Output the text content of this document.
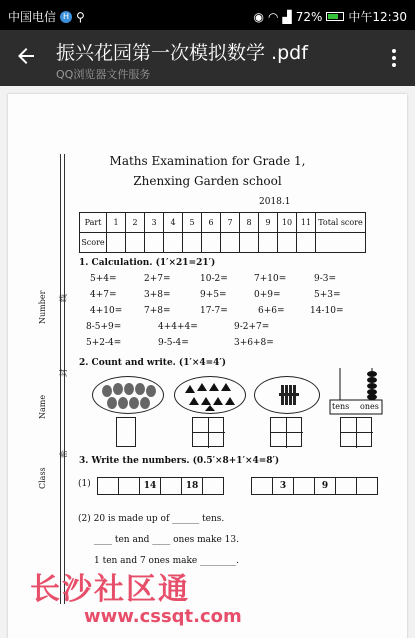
中国电信 H ⚲	◉ ◠ ▟ 72% 中午12:30
振兴花园第一次模拟数学 .pdf
QQ浏览器文件服务
Number 线
Name
封
Class
密
Maths Examination for Grade 1,
Zhenxing Garden school
2018.1
Part	1	2	3	4	5	6	7	8	9	10	11	Total score
Score												
1. Calculation. (1′×21=21′)
5+4=	2+7=	10-2=	7+10=	9-3=
4+7=	3+8=	9+5=	0+9=	5+3=
4+10= 7+8=	17-7=	6+6=	14-10=
8-5+9=	4+4+4=	9-2+7=
5+2-4=	9-5-4=	3+6+8=
2. Count and write. (1′×4=4′)
tens ones
3. Write the numbers. (0.5′×8+1′×4=8′)
(1)	14	18	3	9
(2) 20 is made up of ______ tens.
____ ten and ____ ones make 13.
1 ten and 7 ones make ________.
长沙社区通
www.cssqt.com
